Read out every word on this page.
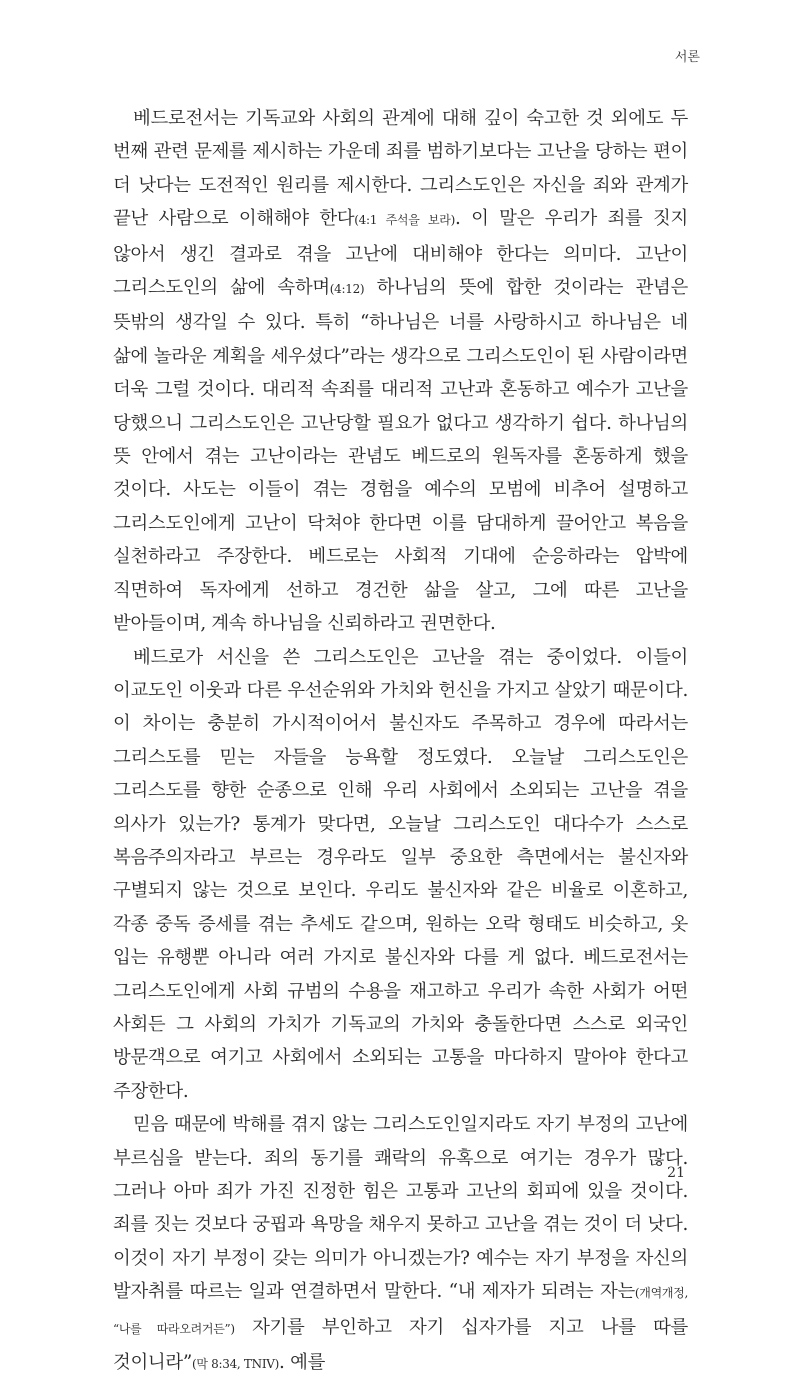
서론

베드로전서는 기독교와 사회의 관계에 대해 깊이 숙고한 것 외에도 두 번째 관련 문제를 제시하는 가운데 죄를 범하기보다는 고난을 당하는 편이 더 낫다는 도전적인 원리를 제시한다. 그리스도인은 자신을 죄와 관계가 끝난 사람으로 이해해야 한다(4:1 주석을 보라). 이 말은 우리가 죄를 짓지 않아서 생긴 결과로 겪을 고난에 대비해야 한다는 의미다. 고난이 그리스도인의 삶에 속하며(4:12) 하나님의 뜻에 합한 것이라는 관념은 뜻밖의 생각일 수 있다. 특히 “하나님은 너를 사랑하시고 하나님은 네 삶에 놀라운 계획을 세우셨다”라는 생각으로 그리스도인이 된 사람이라면 더욱 그럴 것이다. 대리적 속죄를 대리적 고난과 혼동하고 예수가 고난을 당했으니 그리스도인은 고난당할 필요가 없다고 생각하기 쉽다. 하나님의 뜻 안에서 겪는 고난이라는 관념도 베드로의 원독자를 혼동하게 했을 것이다. 사도는 이들이 겪는 경험을 예수의 모범에 비추어 설명하고 그리스도인에게 고난이 닥쳐야 한다면 이를 담대하게 끌어안고 복음을 실천하라고 주장한다. 베드로는 사회적 기대에 순응하라는 압박에 직면하여 독자에게 선하고 경건한 삶을 살고, 그에 따른 고난을 받아들이며, 계속 하나님을 신뢰하라고 권면한다.

베드로가 서신을 쓴 그리스도인은 고난을 겪는 중이었다. 이들이 이교도인 이웃과 다른 우선순위와 가치와 헌신을 가지고 살았기 때문이다. 이 차이는 충분히 가시적이어서 불신자도 주목하고 경우에 따라서는 그리스도를 믿는 자들을 능욕할 정도였다. 오늘날 그리스도인은 그리스도를 향한 순종으로 인해 우리 사회에서 소외되는 고난을 겪을 의사가 있는가? 통계가 맞다면, 오늘날 그리스도인 대다수가 스스로 복음주의자라고 부르는 경우라도 일부 중요한 측면에서는 불신자와 구별되지 않는 것으로 보인다. 우리도 불신자와 같은 비율로 이혼하고, 각종 중독 증세를 겪는 추세도 같으며, 원하는 오락 형태도 비슷하고, 옷 입는 유행뿐 아니라 여러 가지로 불신자와 다를 게 없다. 베드로전서는 그리스도인에게 사회 규범의 수용을 재고하고 우리가 속한 사회가 어떤 사회든 그 사회의 가치가 기독교의 가치와 충돌한다면 스스로 외국인 방문객으로 여기고 사회에서 소외되는 고통을 마다하지 말아야 한다고 주장한다.

믿음 때문에 박해를 겪지 않는 그리스도인일지라도 자기 부정의 고난에 부르심을 받는다. 죄의 동기를 쾌락의 유혹으로 여기는 경우가 많다. 그러나 아마 죄가 가진 진정한 힘은 고통과 고난의 회피에 있을 것이다. 죄를 짓는 것보다 궁핍과 욕망을 채우지 못하고 고난을 겪는 것이 더 낫다. 이것이 자기 부정이 갖는 의미가 아니겠는가? 예수는 자기 부정을 자신의 발자취를 따르는 일과 연결하면서 말한다. “내 제자가 되려는 자는(개역개정, “나를 따라오려거든”) 자기를 부인하고 자기 십자가를 지고 나를 따를 것이니라”(막 8:34, TNIV). 예를

21
